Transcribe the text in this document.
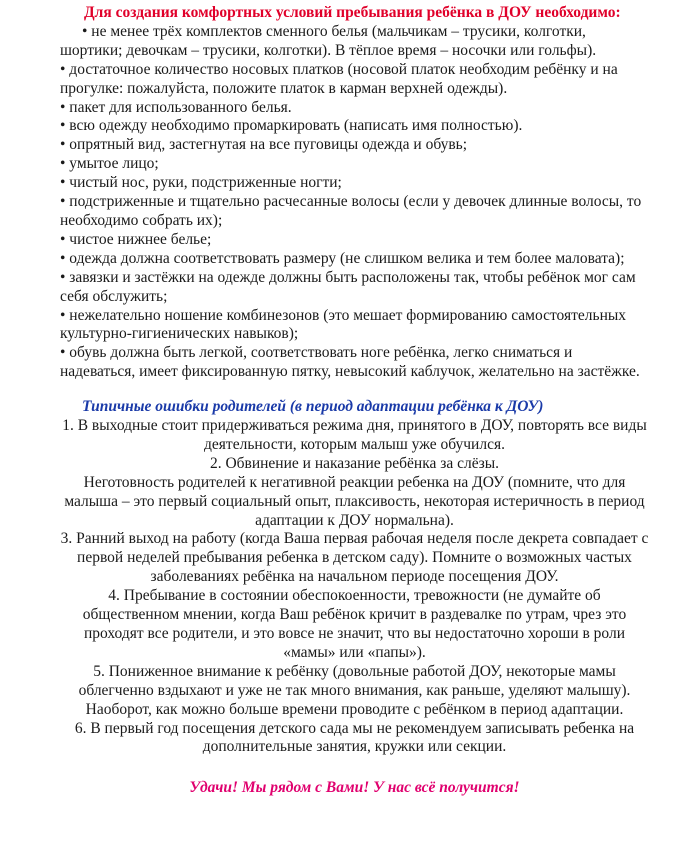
Для создания комфортных условий пребывания ребёнка в ДОУ необходимо:

• не менее трёх комплектов сменного белья (мальчикам – трусики, колготки, шортики; девочкам – трусики, колготки). В тёплое время – носочки или гольфы).
• достаточное количество носовых платков (носовой платок необходим ребёнку и на прогулке: пожалуйста, положите платок в карман верхней одежды).
• пакет для использованного белья.
• всю одежду необходимо промаркировать (написать имя полностью).
• опрятный вид, застегнутая на все пуговицы одежда и обувь;
• умытое лицо;
• чистый нос, руки, подстриженные ногти;
• подстриженные и тщательно расчесанные волосы (если у девочек длинные волосы, то необходимо собрать их);
• чистое нижнее белье;
• одежда должна соответствовать размеру (не слишком велика и тем более маловата);
• завязки и застёжки на одежде должны быть расположены так, чтобы ребёнок мог сам себя обслужить;
• нежелательно ношение комбинезонов (это мешает формированию самостоятельных культурно-гигиенических навыков);
• обувь должна быть легкой, соответствовать ноге ребёнка, легко сниматься и надеваться, имеет фиксированную пятку, невысокий каблучок, желательно на застёжке.

Типичные ошибки родителей (в период адаптации ребёнка к ДОУ)

1. В выходные стоит придерживаться режима дня, принятого в ДОУ, повторять все виды деятельности, которым малыш уже обучился.

2. Обвинение и наказание ребёнка за слёзы.

Неготовность родителей к негативной реакции ребенка на ДОУ (помните, что для малыша – это первый социальный опыт, плаксивость, некоторая истеричность в период адаптации к ДОУ нормальна).

3. Ранний выход на работу (когда Ваша первая рабочая неделя после декрета совпадает с первой неделей пребывания ребенка в детском саду). Помните о возможных частых заболеваниях ребёнка на начальном периоде посещения ДОУ.

4. Пребывание в состоянии обеспокоенности, тревожности (не думайте об общественном мнении, когда Ваш ребёнок кричит в раздевалке по утрам, чрез это проходят все родители, и это вовсе не значит, что вы недостаточно хороши в роли «мамы» или «папы»).

5. Пониженное внимание к ребёнку (довольные работой ДОУ, некоторые мамы облегченно вздыхают и уже не так много внимания, как раньше, уделяют малышу). Наоборот, как можно больше времени проводите с ребёнком в период адаптации.

6. В первый год посещения детского сада мы не рекомендуем записывать ребенка на дополнительные занятия, кружки или секции.

Удачи! Мы рядом с Вами! У нас всё получится!
